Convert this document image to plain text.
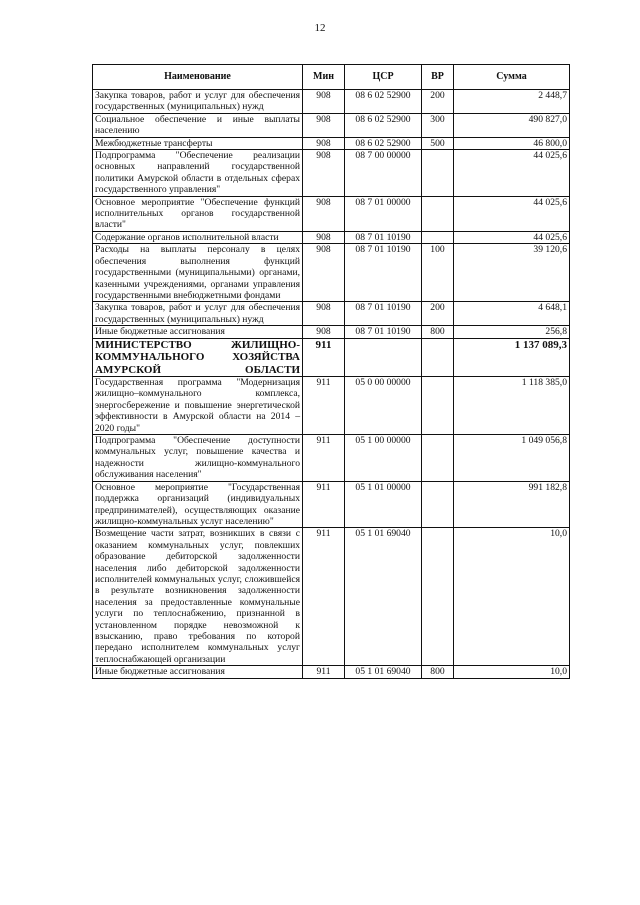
12
Наименование	Мин	ЦСР	ВР	Сумма
Закупка товаров, работ и услуг для обеспечения государственных (муниципальных) нужд	908	08 6 02 52900	200	2 448,7
Социальное обеспечение и иные выплаты населению	908	08 6 02 52900	300	490 827,0
Межбюджетные трансферты	908	08 6 02 52900	500	46 800,0
Подпрограмма "Обеспечение реализации основных направлений государственной политики Амурской области в отдельных сферах государственного управления"	908	08 7 00 00000		44 025,6
Основное мероприятие "Обеспечение функций исполнительных органов государственной власти"	908	08 7 01 00000		44 025,6
Содержание органов исполнительной власти	908	08 7 01 10190		44 025,6
Расходы на выплаты персоналу в целях обеспечения выполнения функций государственными (муниципальными) органами, казенными учреждениями, органами управления государственными внебюджетными фондами	908	08 7 01 10190	100	39 120,6
Закупка товаров, работ и услуг для обеспечения государственных (муниципальных) нужд	908	08 7 01 10190	200	4 648,1
Иные бюджетные ассигнования	908	08 7 01 10190	800	256,8
МИНИСТЕРСТВО ЖИЛИЩНО-КОММУНАЛЬНОГО ХОЗЯЙСТВА АМУРСКОЙ ОБЛАСТИ	911			1 137 089,3
Государственная программа "Модернизация жилищно–коммунального комплекса, энергосбережение и повышение энергетической эффективности в Амурской области на 2014 – 2020 годы"	911	05 0 00 00000		1 118 385,0
Подпрограмма "Обеспечение доступности коммунальных услуг, повышение качества и надежности жилищно-коммунального обслуживания населения"	911	05 1 00 00000		1 049 056,8
Основное мероприятие "Государственная поддержка организаций (индивидуальных предпринимателей), осуществляющих оказание жилищно-коммунальных услуг населению"	911	05 1 01 00000		991 182,8
Возмещение части затрат, возникших в связи с оказанием коммунальных услуг, повлекших образование дебиторской задолженности населения либо дебиторской задолженности исполнителей коммунальных услуг, сложившейся в результате возникновения задолженности населения за предоставленные коммунальные услуги по теплоснабжению, признанной в установленном порядке невозможной к взысканию, право требования по которой передано исполнителем коммунальных услуг теплоснабжающей организации	911	05 1 01 69040		10,0
Иные бюджетные ассигнования	911	05 1 01 69040	800	10,0
